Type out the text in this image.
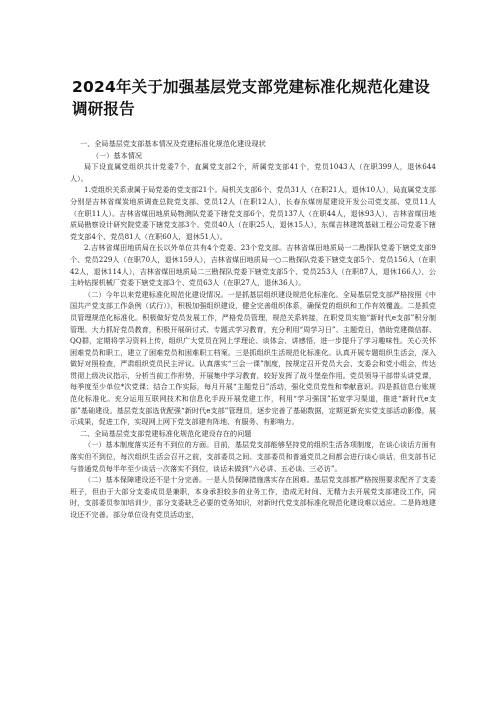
2024年关于加强基层党支部党建标准化规范化建设调研报告

一、全局基层党支部基本情况及党建标准化规范化建设现状

（一）基本情况

局下设直属党组织共计党委7个、直属党支部2个，所属党支部41个，党员1043人（在职399人，退休644人）。

1.党组织关系隶属于局党委的党支部21个。局机关支部6个、党员31人（在职21人，退休10人），局直属党支部分别是吉林省煤炭地质调查总院党支部、党员12人（在职12人），长春东煤房屋建设开发公司党支部、党员11人（在职11人）。吉林省煤田地质局物测队党委下辖党支部6个、党员137人（在职44人，退休93人），吉林省煤田地质局勘察设计研究院党委下辖党支部3个、党员40人（在职25人，退休15人），东煤吉林建筑基础工程公司党委下辖党支部4个、党员81人（在职60人，退休51人）。

2.吉林省煤田地质局在长以外单位共有4个党委、23个党支部。吉林省煤田地质局一二勘探队党委下辖党支部9个、党员229人（在职70人，退休159人），吉林省煤田地质局一○二勘探队党委下辖党支部5个、党员156人（在职42人，退休114人），吉林省煤田地质局二三勘探队党委下辖党支部5个、党员253人（在职87人，退休166人），公主岭钻探机械厂党委下辖党支部3个、党员63人（在职27人，退休36人）。

（二）今年以来党建标准化规范化建设情况。一是抓基层组织建设规范化标准化。全局基层党支部严格按照《中国共产党支部工作条例（试行）》，积极加强组织建设，健全完善组织体系，确保党的组织和工作有效覆盖。二是抓党员管理规范化标准化。积极做好党员发展工作，严格党员管理，规范关系转接，在职党员实施“新时代e支部”积分制管理。大力抓好党员教育，积极开展研讨式、专题式学习教育，充分利用“周学习日”、主题党日，借助党建微信群、QQ群，定期将学习资料上传，组织广大党员在网上学理论、谈体会、讲感悟，进一步提升了学习趣味性。关心关怀困难党员和职工，建立了困难党员和困难职工档案。三是抓组织生活规范化标准化。认真开展专题组织生活会，深入做好对照检查，严肃组织党员民主评议。认真落实“三会一课”制度，按规定召开党员大会、支委会和党小组会，传达贯彻上级决议指示，分析当前工作形势，开展集中学习教育，较好发挥了战斗堡垒作用。党员领导干部带头讲党课，每季度至少单位*次党课；结合工作实际，每月开展“主题党日”活动，强化党员党性和奉献意识。四是抓信息台账规范化标准化。充分运用互联网技术和信息化手段开展党建工作，利用“学习强国”拓宽学习渠道，推进“新时代e支部”基础建设。基层党支部选优配强“新时代e支部”管理员，逐步完善了基础数据，定期更新充实党支部活动影像，展示成果，促进工作，实现网上网下党支部建有阵地、有服务、有影响力。

二、全局基层党支部党建标准化规范化建设存在的问题

（一）基本制度落实还有不到位的方面。目前，基层党支部能够坚持党的组织生活各项制度，在谈心谈话方面有落实但不到位，每次组织生活会召开之前，支部委员之间、支部委员和普通党员之间都会进行谈心谈话，但支部书记与普通党员每半年至少谈话一次落实不到位，谈话未做到“六必讲、五必谈、三必访”。

（二）基本保障建设还不是十分完善。一是人员保障措施落实存在困难。基层党支部都严格按照要求配齐了支委班子，但由于大部分支委成员是兼职，本身承担较多的业务工作，造成无时间、无精力去开展党支部建设工作，同时，支部委员参加培训少，部分支委缺乏必要的党务知识，对新时代党支部标准化规范化建设难以适应。二是阵地建设还不完善。部分单位设有党员活动室，
